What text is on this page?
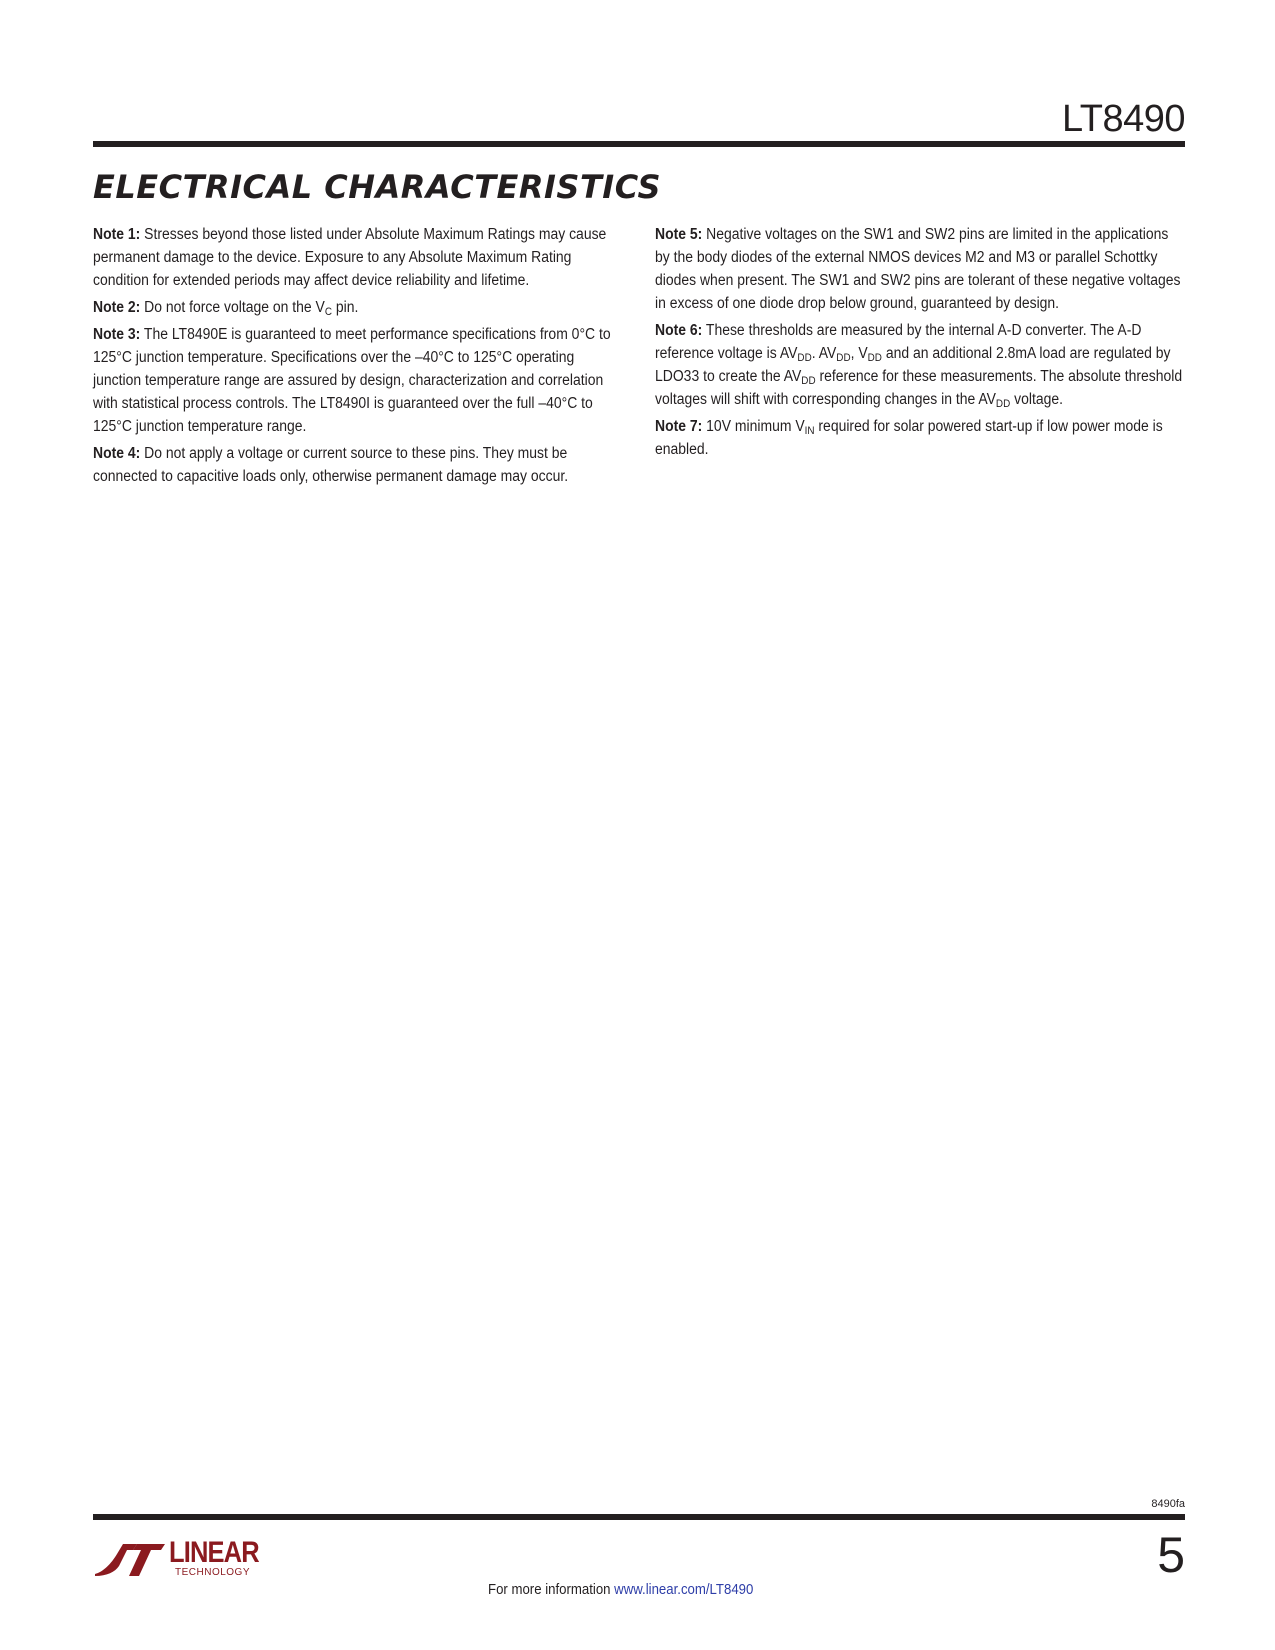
LT8490
ELECTRICAL CHARACTERISTICS

Note 1: Stresses beyond those listed under Absolute Maximum Ratings may cause permanent damage to the device. Exposure to any Absolute Maximum Rating condition for extended periods may affect device reliability and lifetime.

Note 2: Do not force voltage on the $V_C$ pin.

Note 3: The LT8490E is guaranteed to meet performance specifications from 0°C to 125°C junction temperature. Specifications over the –40°C to 125°C operating junction temperature range are assured by design, characterization and correlation with statistical process controls. The LT8490I is guaranteed over the full –40°C to 125°C junction temperature range.

Note 4: Do not apply a voltage or current source to these pins. They must be connected to capacitive loads only, otherwise permanent damage may occur.

Note 5: Negative voltages on the SW1 and SW2 pins are limited in the applications by the body diodes of the external NMOS devices M2 and M3 or parallel Schottky diodes when present. The SW1 and SW2 pins are tolerant of these negative voltages in excess of one diode drop below ground, guaranteed by design.

Note 6: These thresholds are measured by the internal A-D converter. The A-D reference voltage is $AV_{DD}$. $AV_{DD}$, $V_{DD}$ and an additional 2.8mA load are regulated by LDO33 to create the $AV_{DD}$ reference for these measurements. The absolute threshold voltages will shift with corresponding changes in the $AV_{DD}$ voltage.

Note 7: 10V minimum $V_{IN}$ required for solar powered start-up if low power mode is enabled.

8490fa
LINEAR
TECHNOLOGY
For more information www.linear.com/LT8490
5
